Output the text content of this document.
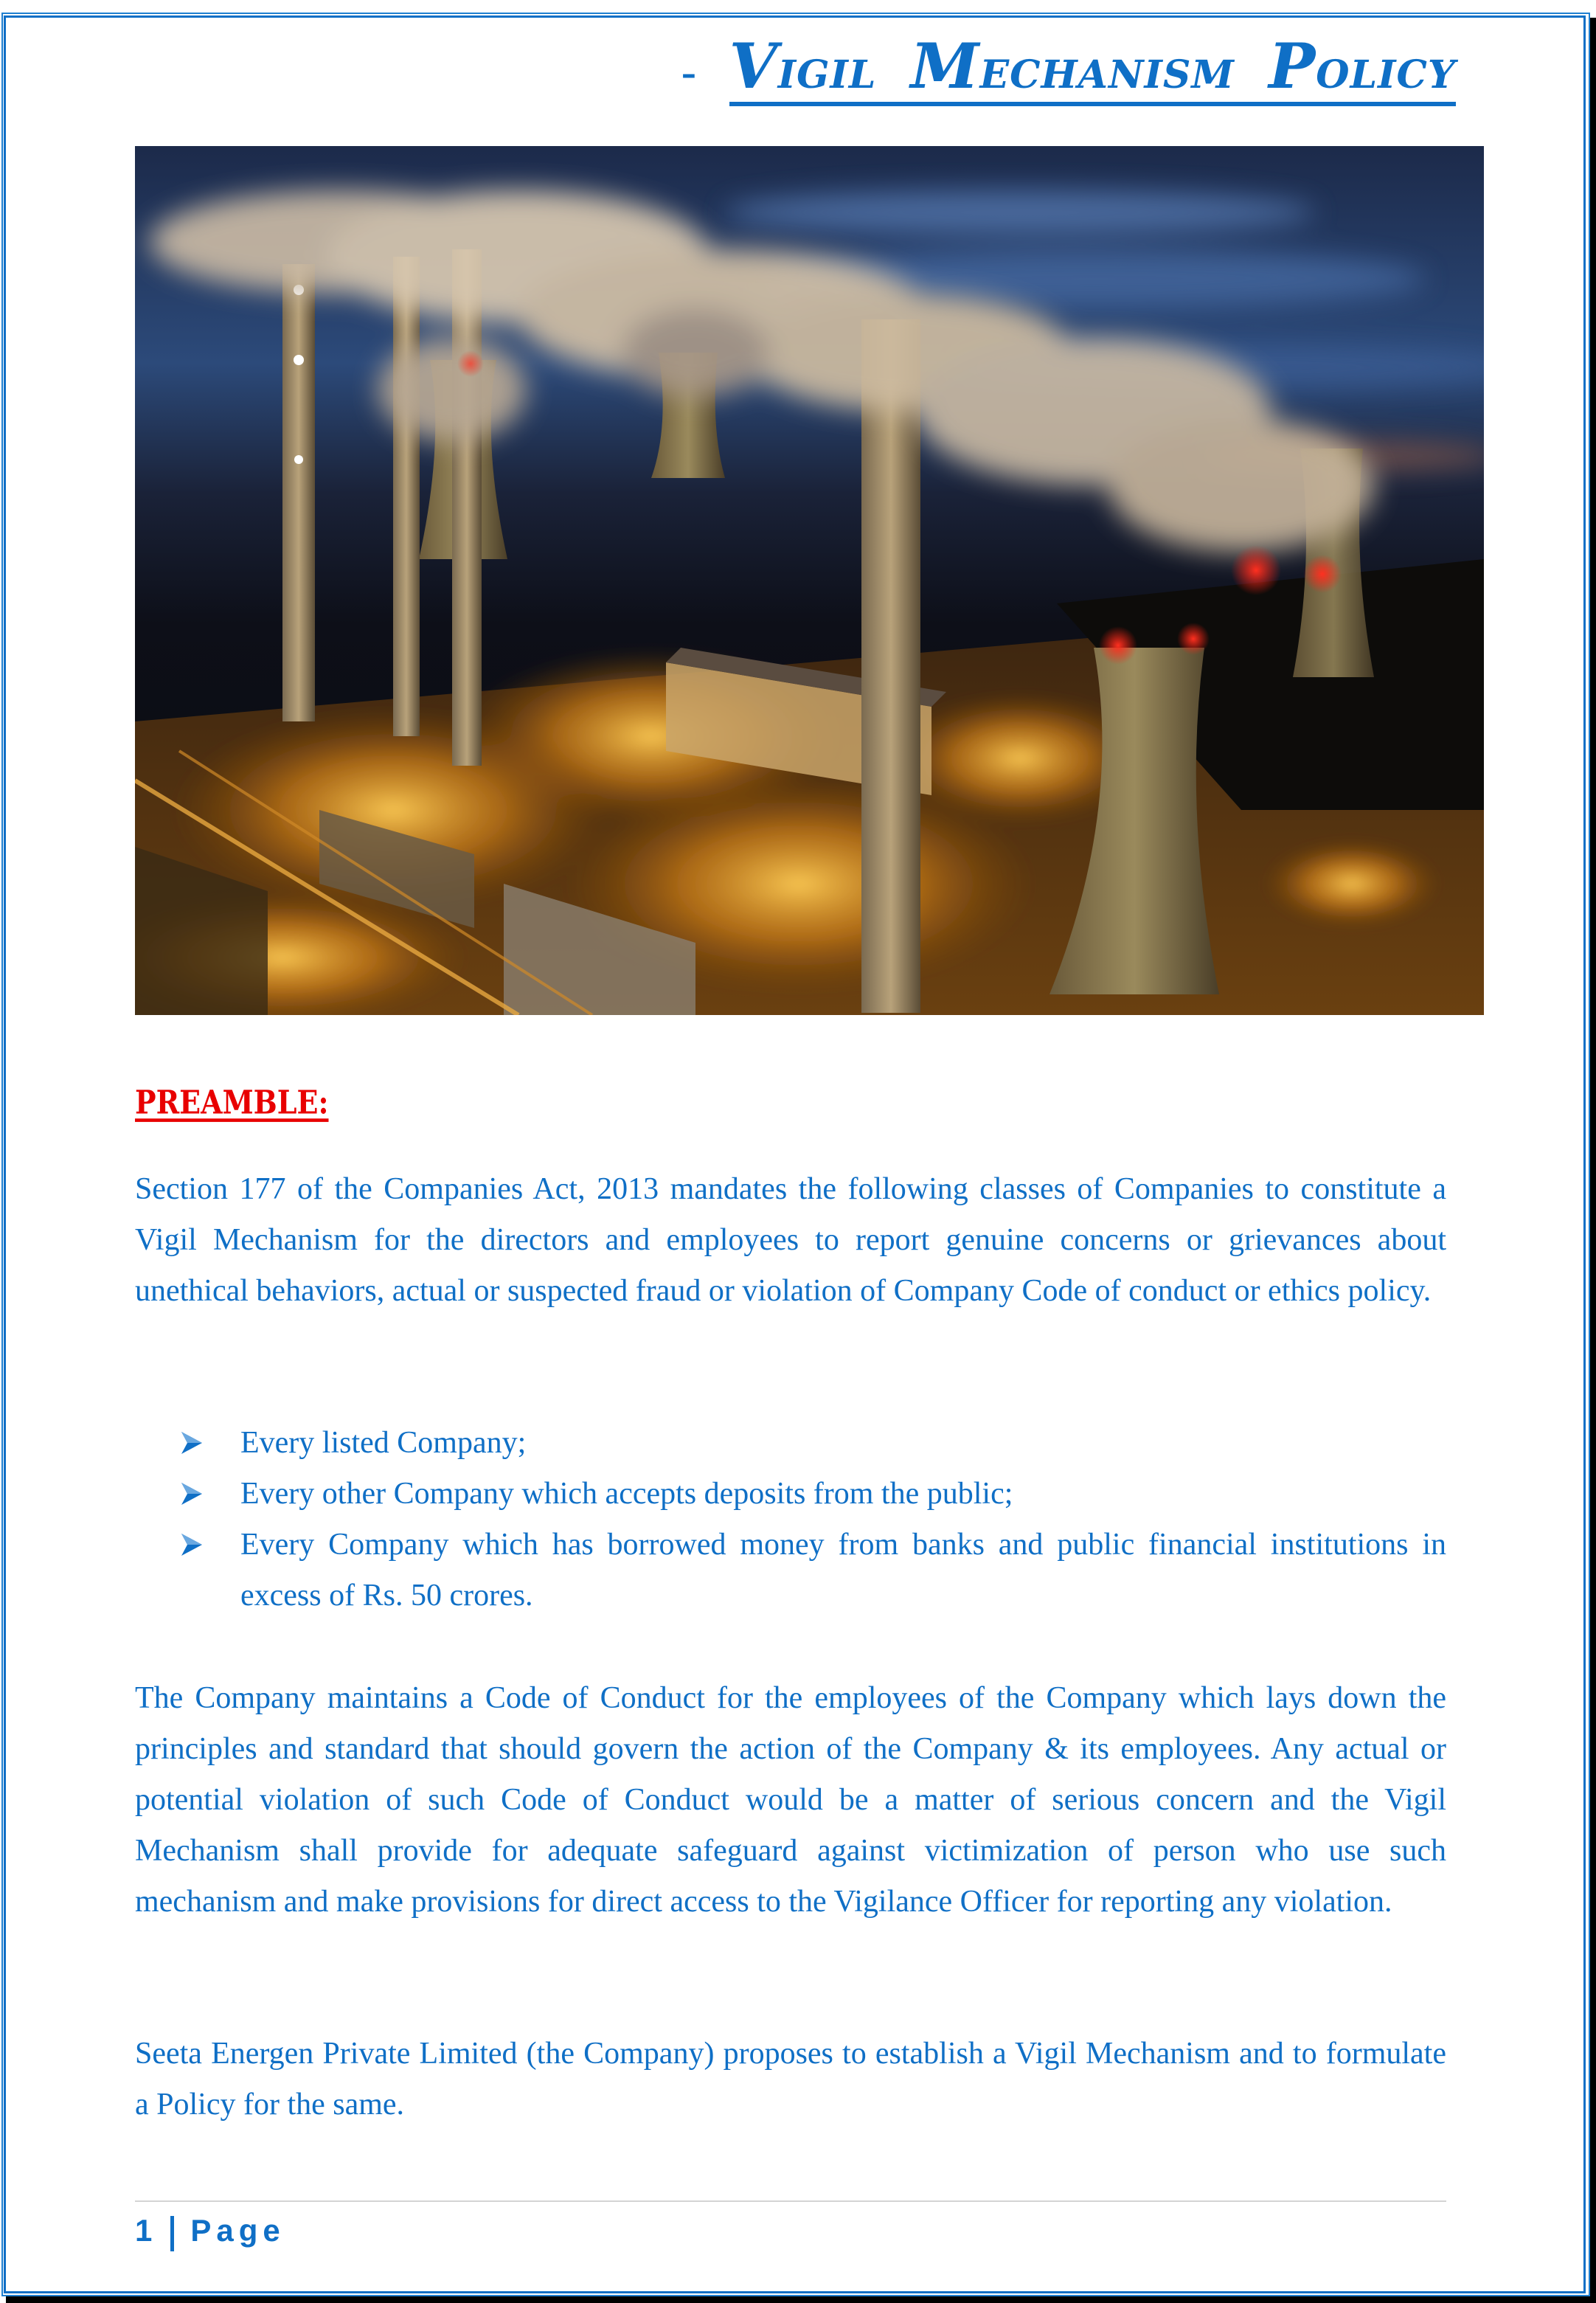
- VIGIL MECHANISM POLICY
PREAMBLE:

Section 177 of the Companies Act, 2013 mandates the following classes of Companies to constitute a Vigil Mechanism for the directors and employees to report genuine concerns or grievances about unethical behaviors, actual or suspected fraud or violation of Company Code of conduct or ethics policy.

Every listed Company;
Every other Company which accepts deposits from the public;
Every Company which has borrowed money from banks and public financial institutions in excess of Rs. 50 crores.

The Company maintains a Code of Conduct for the employees of the Company which lays down the principles and standard that should govern the action of the Company & its employees. Any actual or potential violation of such Code of Conduct would be a matter of serious concern and the Vigil Mechanism shall provide for adequate safeguard against victimization of person who use such mechanism and make provisions for direct access to the Vigilance Officer for reporting any violation.

Seeta Energen Private Limited (the Company) proposes to establish a Vigil Mechanism and to formulate a Policy for the same.

1 Page
